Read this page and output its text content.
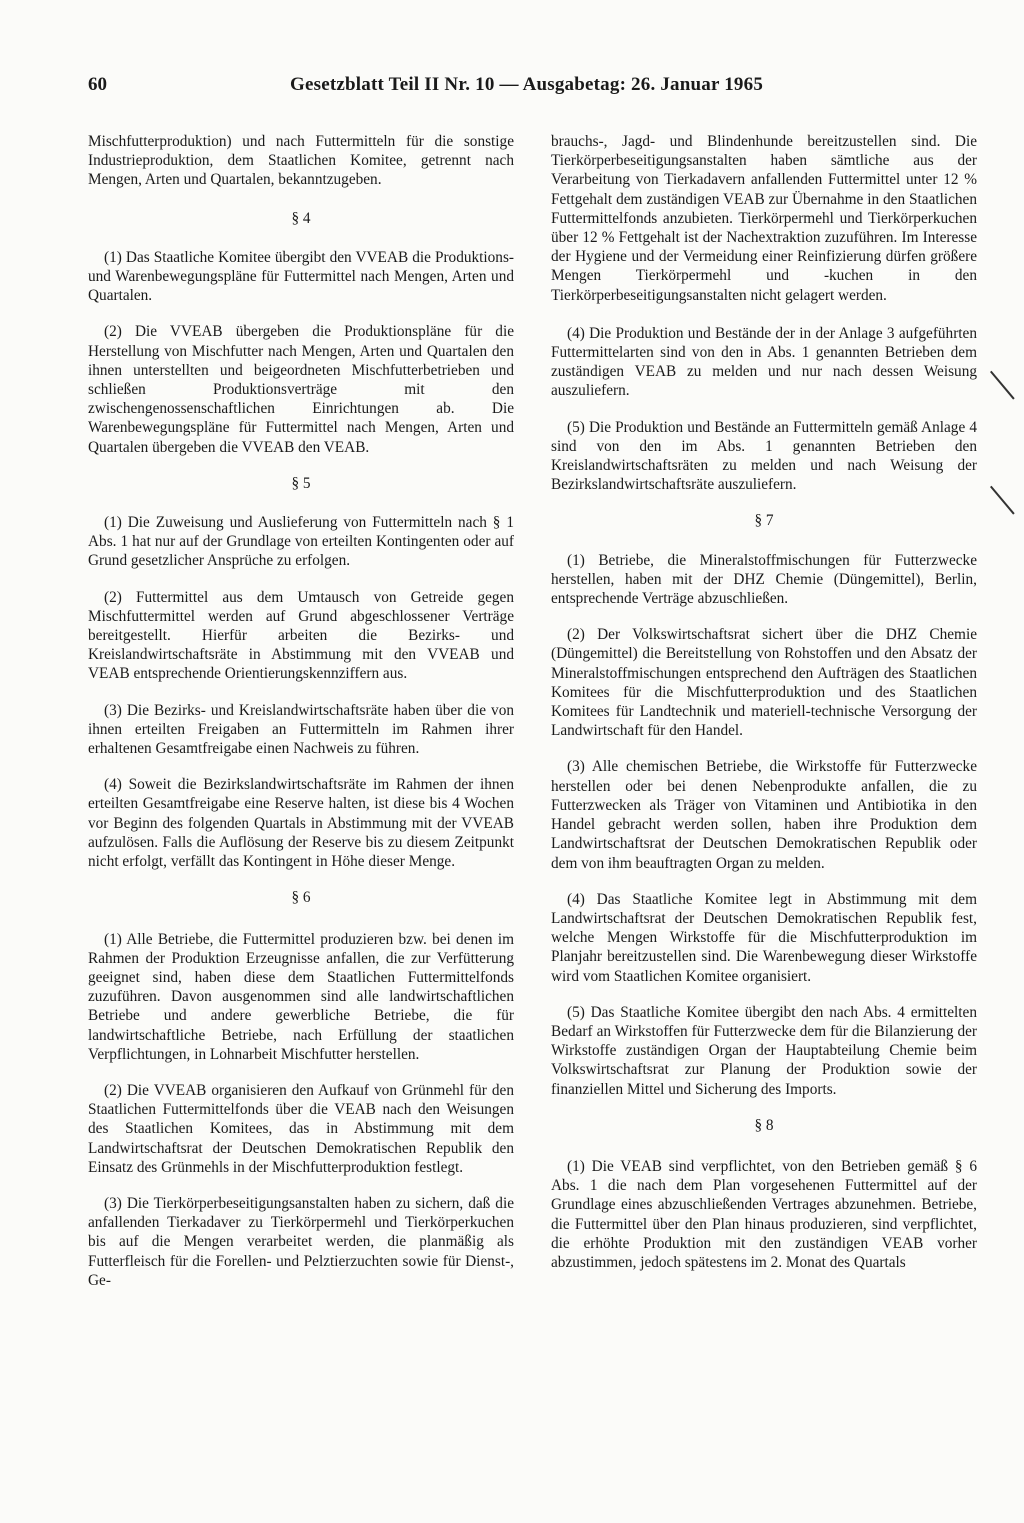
60	Gesetzblatt Teil II Nr. 10 — Ausgabetag: 26. Januar 1965

Mischfutterproduktion) und nach Futtermitteln für die sonstige Industrieproduktion, dem Staatlichen Komitee, getrennt nach Mengen, Arten und Quartalen, bekanntzugeben.

§ 4

(1) Das Staatliche Komitee übergibt den VVEAB die Produktions- und Warenbewegungspläne für Futtermittel nach Mengen, Arten und Quartalen.

(2) Die VVEAB übergeben die Produktionspläne für die Herstellung von Mischfutter nach Mengen, Arten und Quartalen den ihnen unterstellten und beigeordneten Mischfutterbetrieben und schließen Produktionsverträge mit den zwischengenossenschaftlichen Einrichtungen ab. Die Warenbewegungspläne für Futtermittel nach Mengen, Arten und Quartalen übergeben die VVEAB den VEAB.

§ 5

(1) Die Zuweisung und Auslieferung von Futtermitteln nach § 1 Abs. 1 hat nur auf der Grundlage von erteilten Kontingenten oder auf Grund gesetzlicher Ansprüche zu erfolgen.

(2) Futtermittel aus dem Umtausch von Getreide gegen Mischfuttermittel werden auf Grund abgeschlossener Verträge bereitgestellt. Hierfür arbeiten die Bezirks- und Kreislandwirtschaftsräte in Abstimmung mit den VVEAB und VEAB entsprechende Orientierungskennziffern aus.

(3) Die Bezirks- und Kreislandwirtschaftsräte haben über die von ihnen erteilten Freigaben an Futtermitteln im Rahmen ihrer erhaltenen Gesamtfreigabe einen Nachweis zu führen.

(4) Soweit die Bezirkslandwirtschaftsräte im Rahmen der ihnen erteilten Gesamtfreigabe eine Reserve halten, ist diese bis 4 Wochen vor Beginn des folgenden Quartals in Abstimmung mit der VVEAB aufzulösen. Falls die Auflösung der Reserve bis zu diesem Zeitpunkt nicht erfolgt, verfällt das Kontingent in Höhe dieser Menge.

§ 6

(1) Alle Betriebe, die Futtermittel produzieren bzw. bei denen im Rahmen der Produktion Erzeugnisse anfallen, die zur Verfütterung geeignet sind, haben diese dem Staatlichen Futtermittelfonds zuzuführen. Davon ausgenommen sind alle landwirtschaftlichen Betriebe und andere gewerbliche Betriebe, die für landwirtschaftliche Betriebe, nach Erfüllung der staatlichen Verpflichtungen, in Lohnarbeit Mischfutter herstellen.

(2) Die VVEAB organisieren den Aufkauf von Grünmehl für den Staatlichen Futtermittelfonds über die VEAB nach den Weisungen des Staatlichen Komitees, das in Abstimmung mit dem Landwirtschaftsrat der Deutschen Demokratischen Republik den Einsatz des Grünmehls in der Mischfutterproduktion festlegt.

(3) Die Tierkörperbeseitigungsanstalten haben zu sichern, daß die anfallenden Tierkadaver zu Tierkörpermehl und Tierkörperkuchen bis auf die Mengen verarbeitet werden, die planmäßig als Futterfleisch für die Forellen- und Pelztierzuchten sowie für Dienst-, Ge-

brauchs-, Jagd- und Blindenhunde bereitzustellen sind. Die Tierkörperbeseitigungsanstalten haben sämtliche aus der Verarbeitung von Tierkadavern anfallenden Futtermittel unter 12 % Fettgehalt dem zuständigen VEAB zur Übernahme in den Staatlichen Futtermittelfonds anzubieten. Tierkörpermehl und Tierkörperkuchen über 12 % Fettgehalt ist der Nachextraktion zuzuführen. Im Interesse der Hygiene und der Vermeidung einer Reinfizierung dürfen größere Mengen Tierkörpermehl und -kuchen in den Tierkörperbeseitigungsanstalten nicht gelagert werden.

(4) Die Produktion und Bestände der in der Anlage 3 aufgeführten Futtermittelarten sind von den in Abs. 1 genannten Betrieben dem zuständigen VEAB zu melden und nur nach dessen Weisung auszuliefern.

(5) Die Produktion und Bestände an Futtermitteln gemäß Anlage 4 sind von den im Abs. 1 genannten Betrieben den Kreislandwirtschaftsräten zu melden und nach Weisung der Bezirkslandwirtschaftsräte auszuliefern.

§ 7

(1) Betriebe, die Mineralstoffmischungen für Futterzwecke herstellen, haben mit der DHZ Chemie (Düngemittel), Berlin, entsprechende Verträge abzuschließen.

(2) Der Volkswirtschaftsrat sichert über die DHZ Chemie (Düngemittel) die Bereitstellung von Rohstoffen und den Absatz der Mineralstoffmischungen entsprechend den Aufträgen des Staatlichen Komitees für die Mischfutterproduktion und des Staatlichen Komitees für Landtechnik und materiell-technische Versorgung der Landwirtschaft für den Handel.

(3) Alle chemischen Betriebe, die Wirkstoffe für Futterzwecke herstellen oder bei denen Nebenprodukte anfallen, die zu Futterzwecken als Träger von Vitaminen und Antibiotika in den Handel gebracht werden sollen, haben ihre Produktion dem Landwirtschaftsrat der Deutschen Demokratischen Republik oder dem von ihm beauftragten Organ zu melden.

(4) Das Staatliche Komitee legt in Abstimmung mit dem Landwirtschaftsrat der Deutschen Demokratischen Republik fest, welche Mengen Wirkstoffe für die Mischfutterproduktion im Planjahr bereitzustellen sind. Die Warenbewegung dieser Wirkstoffe wird vom Staatlichen Komitee organisiert.

(5) Das Staatliche Komitee übergibt den nach Abs. 4 ermittelten Bedarf an Wirkstoffen für Futterzwecke dem für die Bilanzierung der Wirkstoffe zuständigen Organ der Hauptabteilung Chemie beim Volkswirtschaftsrat zur Planung der Produktion sowie der finanziellen Mittel und Sicherung des Imports.

§ 8

(1) Die VEAB sind verpflichtet, von den Betrieben gemäß § 6 Abs. 1 die nach dem Plan vorgesehenen Futtermittel auf der Grundlage eines abzuschließenden Vertrages abzunehmen. Betriebe, die Futtermittel über den Plan hinaus produzieren, sind verpflichtet, die erhöhte Produktion mit den zuständigen VEAB vorher abzustimmen, jedoch spätestens im 2. Monat des Quartals
